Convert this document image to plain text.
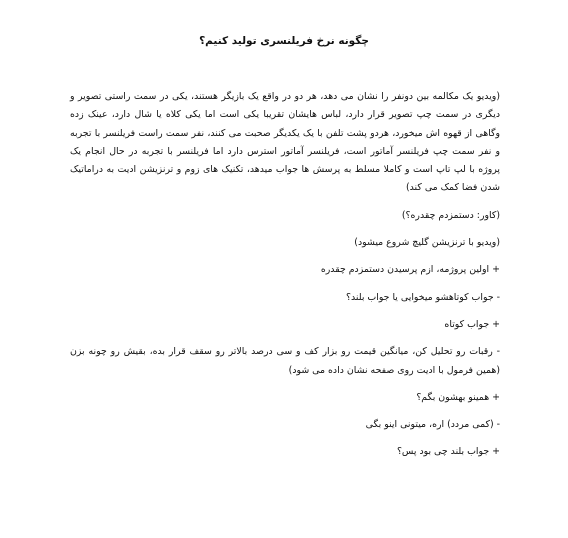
چگونه نرخ فریلنسری تولید کنیم؟

(ویدیو یک مکالمه بین دونفر را نشان می دهد، هر دو در واقع یک بازیگر هستند، یکی در سمت راستی تصویر و دیگری در سمت چپ تصویر قرار دارد، لباس هایشان تقریبا یکی است اما یکی کلاه یا شال دارد، عینک زده وگاهی از قهوه اش میخورد، هردو پشت تلفن با یک یکدیگر صحبت می کنند، نفر سمت راست فریلنسر با تجربه و نفر سمت چپ فریلنسر آماتور است، فریلنسر آماتور استرس دارد اما فریلنسر با تجربه در حال انجام یک پروژه با لپ تاپ است و کاملا مسلط به پرسش ها جواب میدهد، تکنیک های زوم و ترنزیشن ادیت به دراماتیک شدن فضا کمک می کند)

(کاور: دستمزدم چقدره؟)

(ویدیو با ترنزیشن گلیچ شروع میشود)

+ اولین پروژمه، ازم پرسیدن دستمزدم چقدره

- جواب کوتاهشو میخوایی یا جواب بلند؟

+ جواب کوتاه

- رقبات رو تحلیل کن، میانگین قیمت رو بزار کف و سی درصد بالاتر رو سقف قرار بده، بقیش رو چونه بزن (همین فرمول با ادیت روی صفحه نشان داده می شود)

+ همینو بهشون بگم؟

- (کمی مردد) اره، میتونی اینو بگی

+ جواب بلند چی بود پس؟
